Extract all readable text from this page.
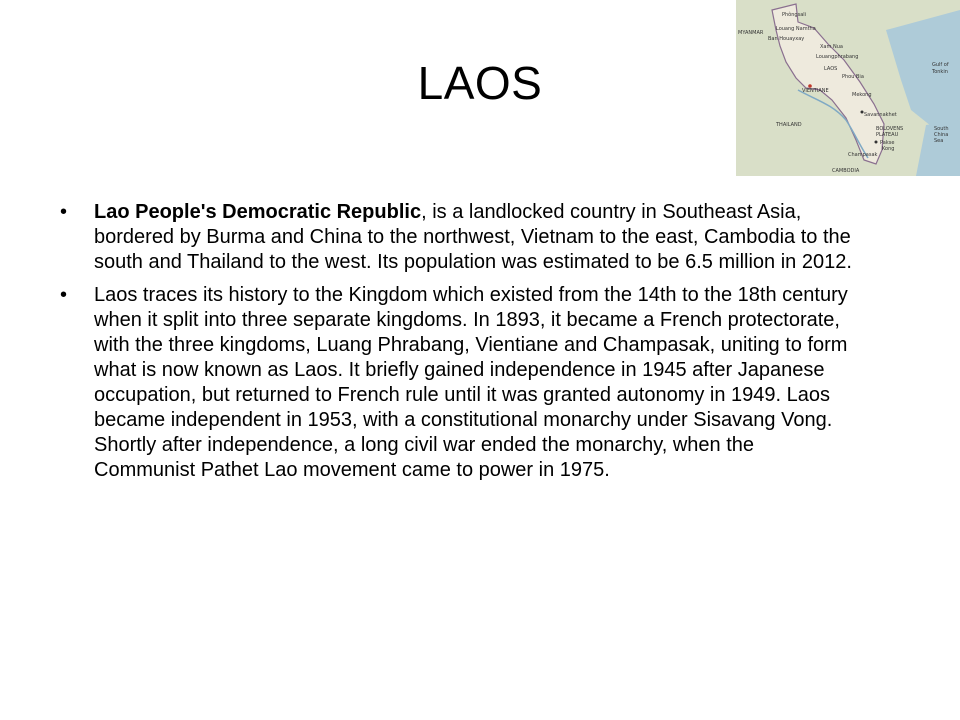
LAOS
• Lao People's Democratic Republic, is a landlocked country in Southeast Asia, bordered by Burma and China to the northwest, Vietnam to the east, Cambodia to the south and Thailand to the west. Its population was estimated to be 6.5 million in 2012.
• Laos traces its history to the Kingdom which existed from the 14th to the 18th century when it split into three separate kingdoms. In 1893, it became a French protectorate, with the three kingdoms, Luang Phrabang, Vientiane and Champasak, uniting to form what is now known as Laos. It briefly gained independence in 1945 after Japanese occupation, but returned to French rule until it was granted autonomy in 1949. Laos became independent in 1953, with a constitutional monarchy under Sisavang Vong. Shortly after independence, a long civil war ended the monarchy, when the Communist Pathet Lao movement came to power in 1975.
MYANMAR
Phôngsali
Louang Namtha
Ban Houayxay
Xam Nua
Louangphrabang
LAOS
Phou Bia
VIENTIANE
Gulf of
Tonkin
Mekong
THAILAND
Savannakhet
BOLOVENS
PLATEAU
Pakse
Champasak
Kong
South
China
Sea
CAMBODIA
